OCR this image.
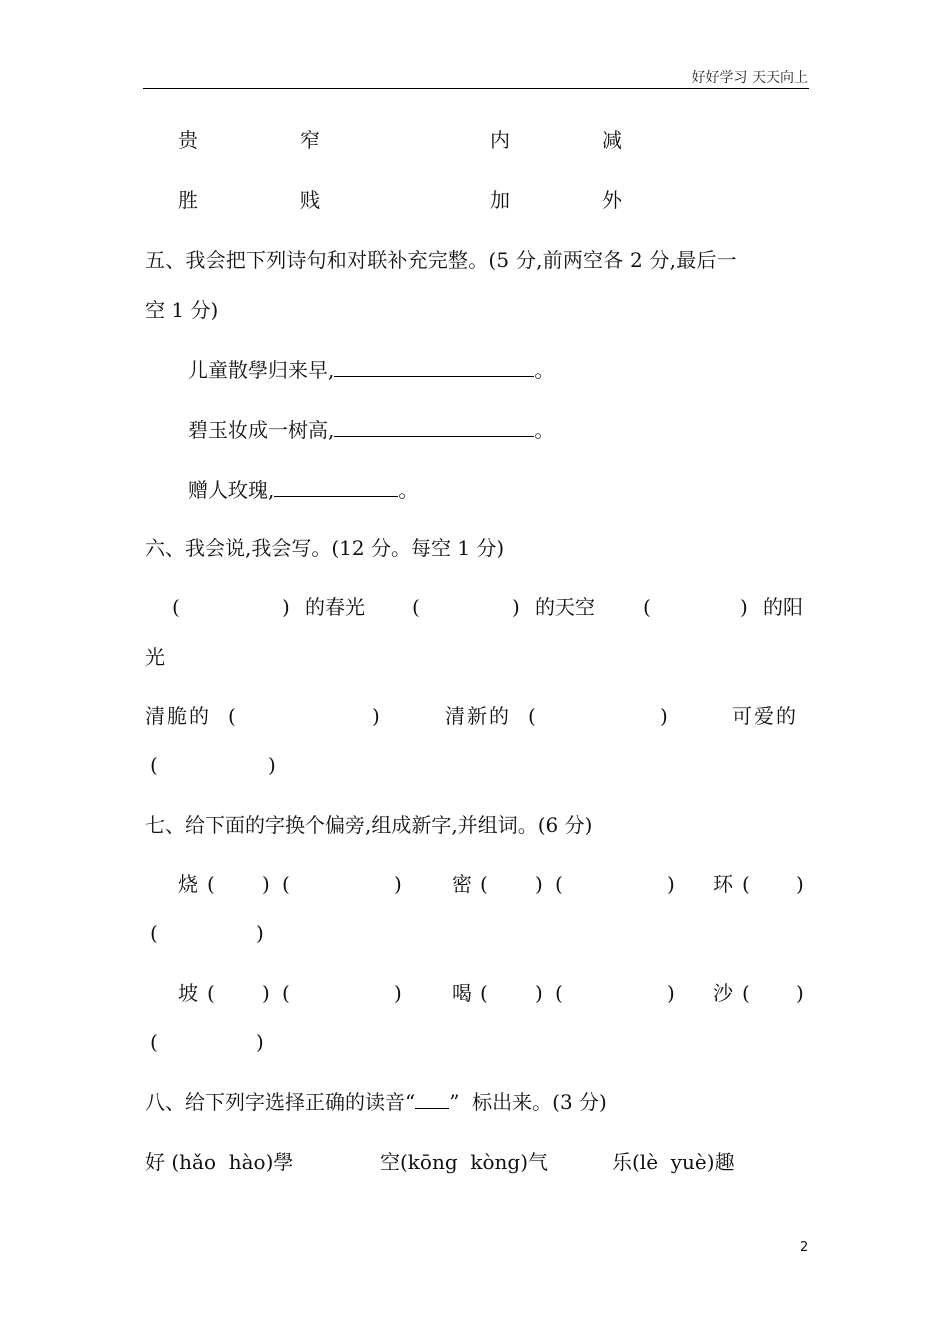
好好学习 天天向上
贵	窄	内	减
胜	贱	加	外
五、我会把下列诗句和对联补充完整。(5 分,前两空各 2 分,最后一
空 1 分)
儿童散學归来早,	。
碧玉妆成一树高,	。
赠人玫瑰,	。
六、我会说,我会写。(12 分。每空 1 分)
(	) 的春光 (	) 的天空 (	) 的阳
光
清脆的 (	)	清新的 (	)	可爱的
(	)
七、给下面的字换个偏旁,组成新字,并组词。(6 分)
烧 ( ) (	)	密 ( ) (	) 环 ( )
(	)
坡 ( ) (	)	喝 ( ) (	) 沙 ( )
(	)
八、给下列字选择正确的读音“ ”  标出来。(3 分)
好 (hǎo  hào)學	空(kōng  kòng)气	乐(lè  yuè)趣
2
